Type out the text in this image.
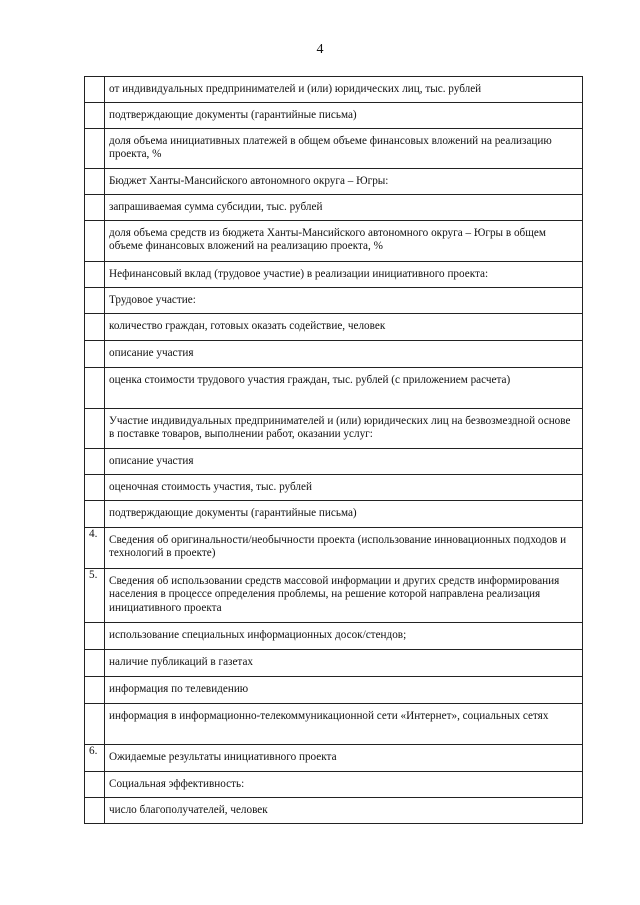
4

	от индивидуальных предпринимателей и (или) юридических лиц, тыс. рублей

	подтверждающие документы (гарантийные письма)

	доля объема инициативных платежей в общем объеме финансовых вложений на реализацию проекта, %

	Бюджет Ханты-Мансийского автономного округа – Югры:

	запрашиваемая сумма субсидии, тыс. рублей

	доля объема средств из бюджета Ханты-Мансийского автономного округа – Югры в общем объеме финансовых вложений на реализацию проекта, %

	Нефинансовый вклад (трудовое участие) в реализации инициативного проекта:

	Трудовое участие:

	количество граждан, готовых оказать содействие, человек

	описание участия

	оценка стоимости трудового участия граждан, тыс. рублей (с приложением расчета)

	Участие индивидуальных предпринимателей и (или) юридических лиц на безвозмездной основе в поставке товаров, выполнении работ, оказании услуг:

	описание участия

	оценочная стоимость участия, тыс. рублей

	подтверждающие документы (гарантийные письма)

4.	Сведения об оригинальности/необычности проекта (использование инновационных подходов и технологий в проекте)

5.	Сведения об использовании средств массовой информации и других средств информирования населения в процессе определения проблемы, на решение которой направлена реализация инициативного проекта

	использование специальных информационных досок/стендов;

	наличие публикаций в газетах

	информация по телевидению

	информация в информационно-телекоммуникационной сети «Интернет», социальных сетях

6.	Ожидаемые результаты инициативного проекта

	Социальная эффективность:

	число благополучателей, человек
